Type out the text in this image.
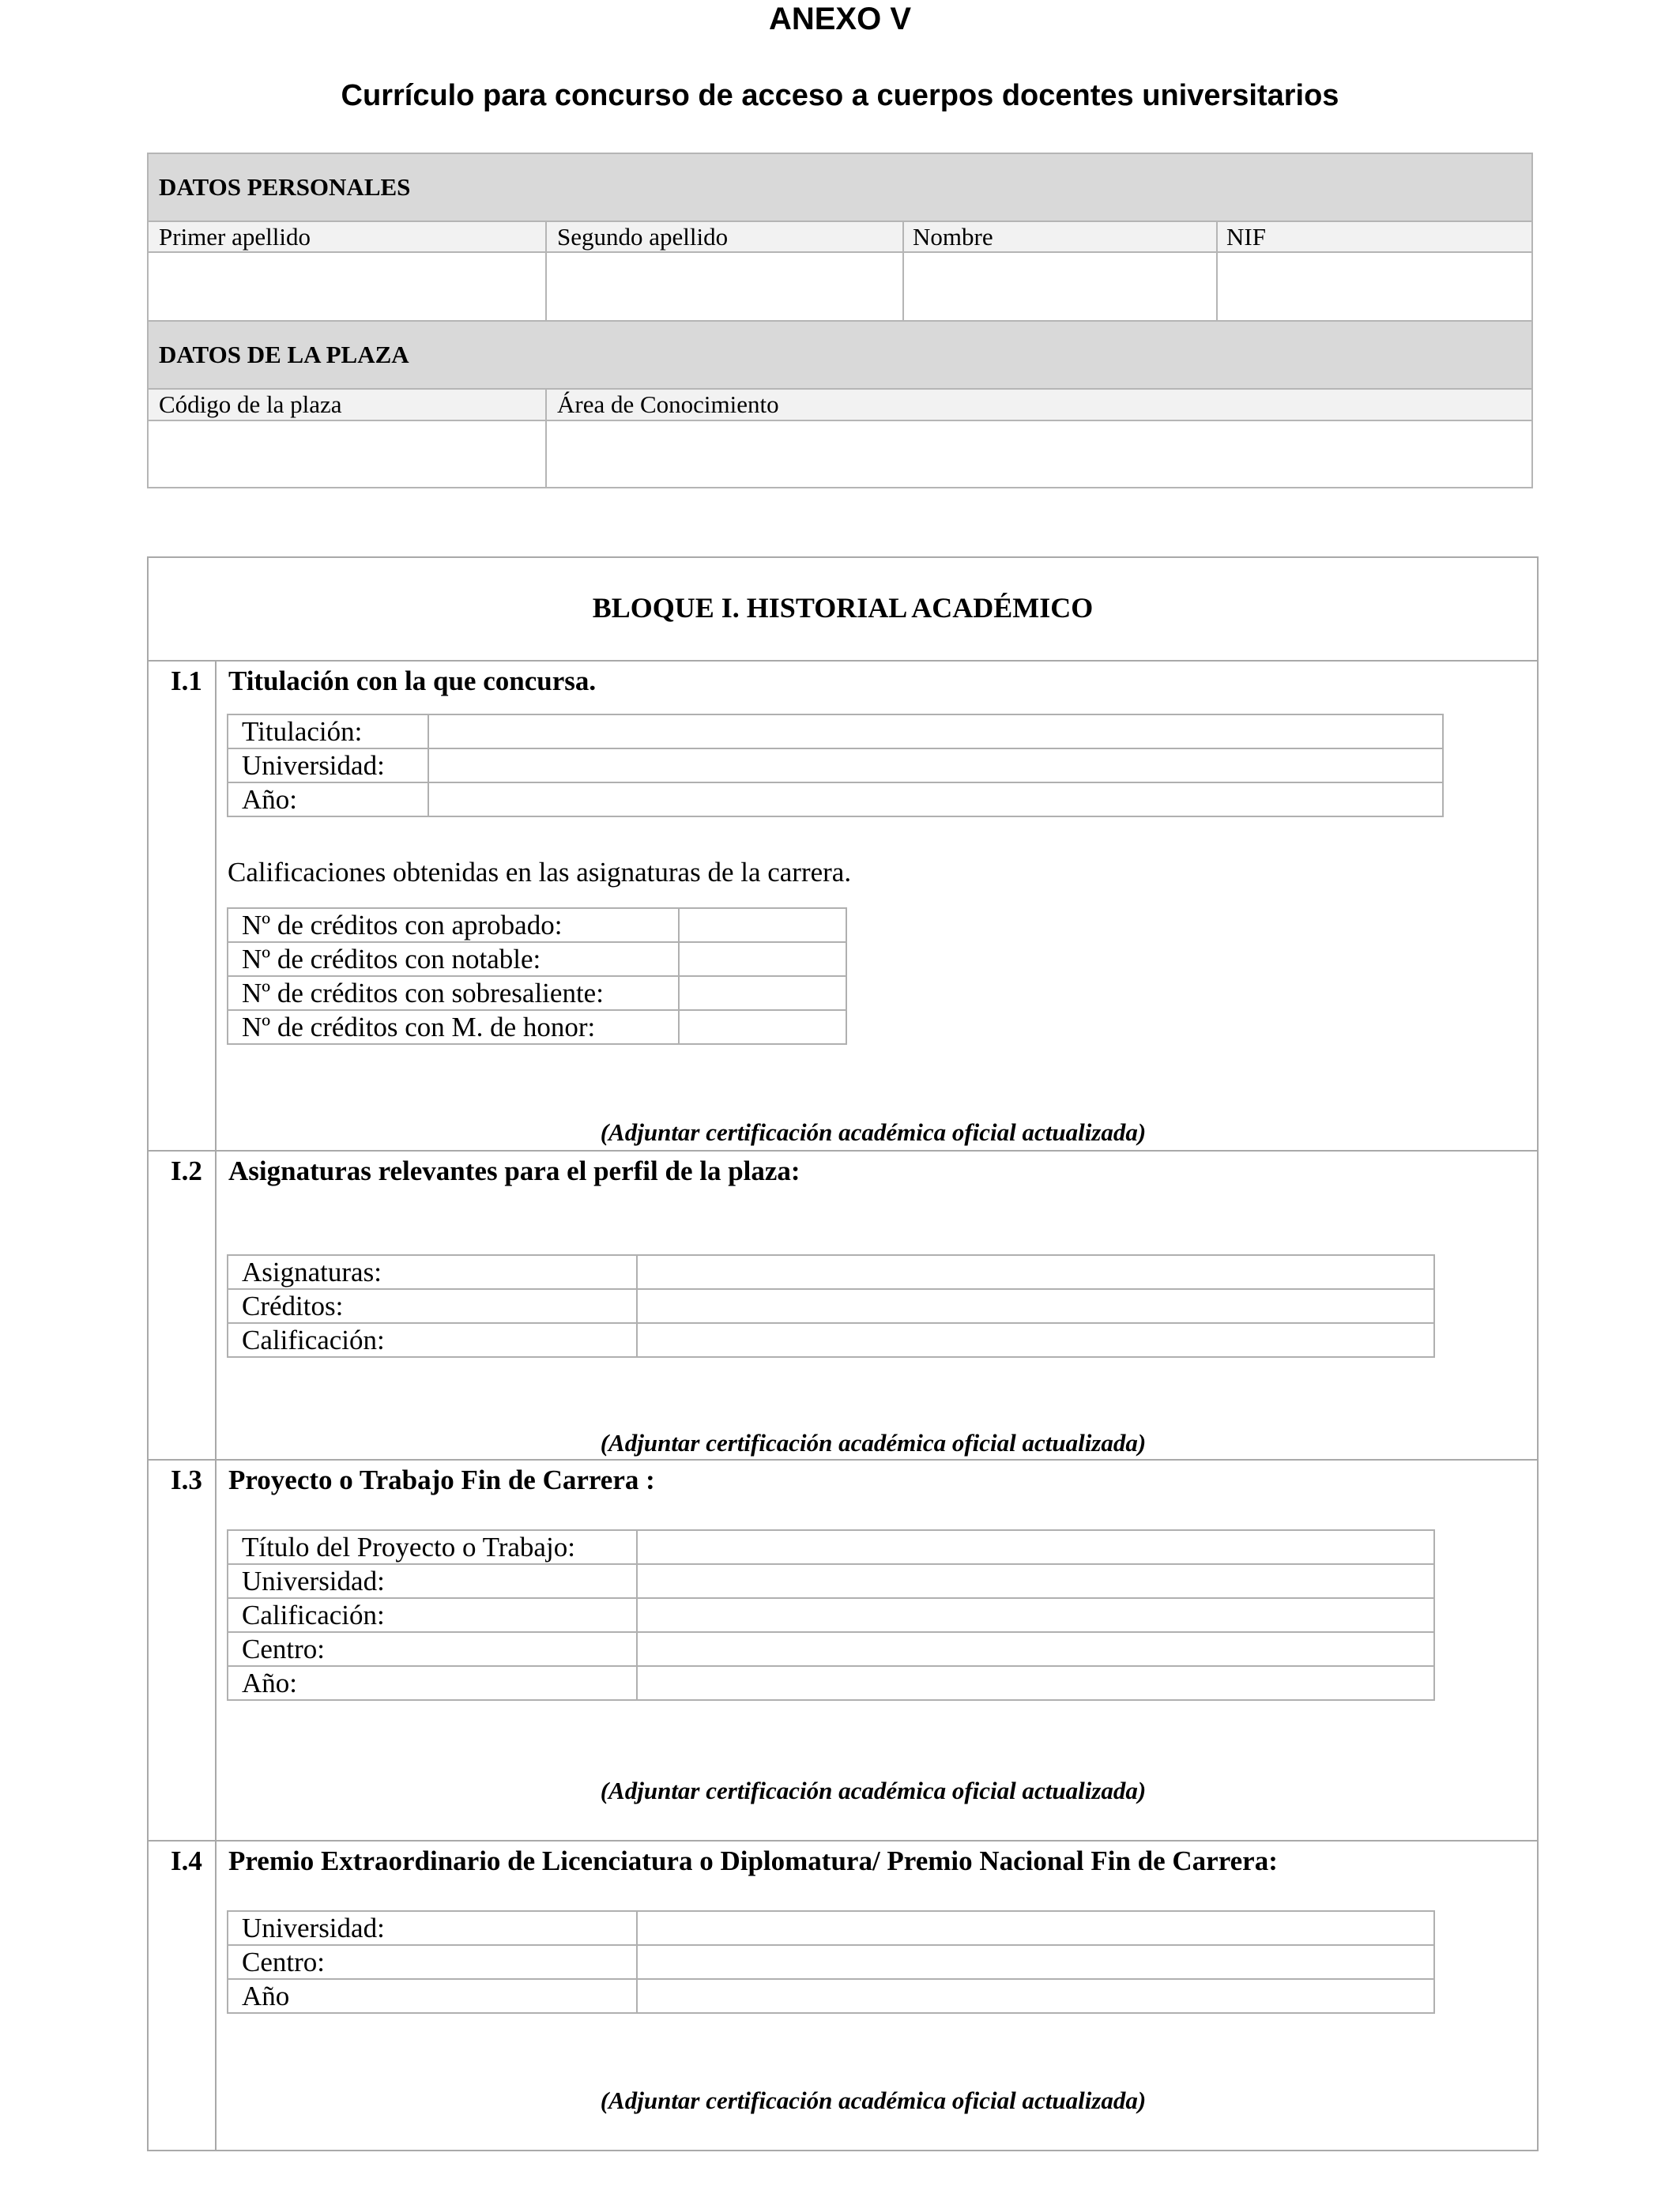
ANEXO V
Currículo para concurso de acceso a cuerpos docentes universitarios
DATOS PERSONALES
Primer apellido	Segundo apellido	Nombre	NIF
DATOS DE LA PLAZA
Código de la plaza	Área de Conocimiento
BLOQUE I. HISTORIAL ACADÉMICO
I.1 Titulación con la que concursa.
Titulación:	
Universidad:	
Año:	
Calificaciones obtenidas en las asignaturas de la carrera.
Nº de créditos con aprobado:	
Nº de créditos con notable:	
Nº de créditos con sobresaliente:	
Nº de créditos con M. de honor:	
(Adjuntar certificación académica oficial actualizada)
I.2 Asignaturas relevantes para el perfil de la plaza:
Asignaturas:	
Créditos:	
Calificación:	
(Adjuntar certificación académica oficial actualizada)
I.3 Proyecto o Trabajo Fin de Carrera :
Título del Proyecto o Trabajo:	
Universidad:	
Calificación:	
Centro:	
Año:	
(Adjuntar certificación académica oficial actualizada)
I.4 Premio Extraordinario de Licenciatura o Diplomatura/ Premio Nacional Fin de Carrera:
Universidad:	
Centro:	
Año	
(Adjuntar certificación académica oficial actualizada)
